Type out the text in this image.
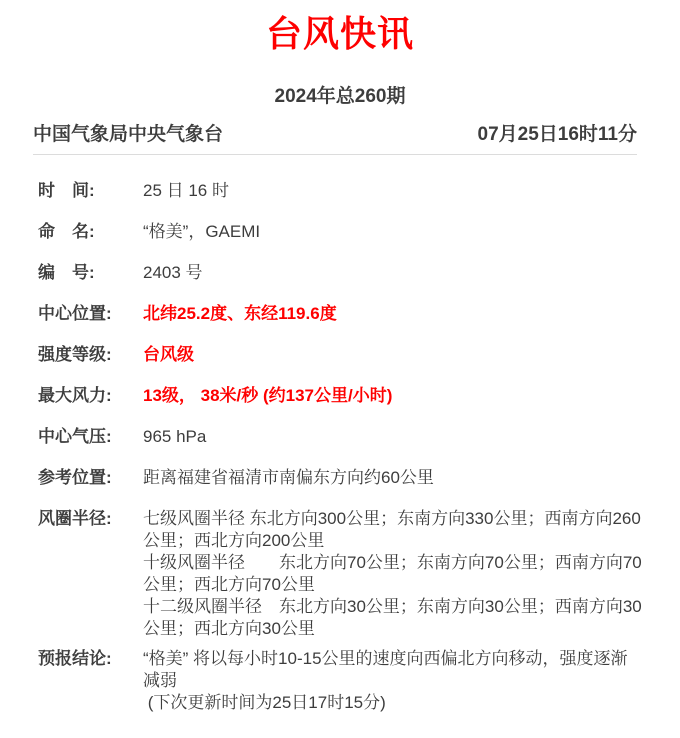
台风快讯
2024年总260期
中国气象局中央气象台	07月25日16时11分
时　间:	25 日 16 时
命　名:	“格美”，GAEMI
编　号:	2403 号
中心位置:	北纬25.2度、东经119.6度
强度等级:	台风级
最大风力:	13级， 38米/秒 (约137公里/小时)
中心气压:	965 hPa
参考位置:	距离福建省福清市南偏东方向约60公里
风圈半径:	七级风圈半径 东北方向300公里；东南方向330公里；西南方向260
公里；西北方向200公里
十级风圈半径　　东北方向70公里；东南方向70公里；西南方向70
公里；西北方向70公里
十二级风圈半径　东北方向30公里；东南方向30公里；西南方向30
公里；西北方向30公里
预报结论:	“格美” 将以每小时10-15公里的速度向西偏北方向移动，强度逐渐
减弱
(下次更新时间为25日17时15分)
